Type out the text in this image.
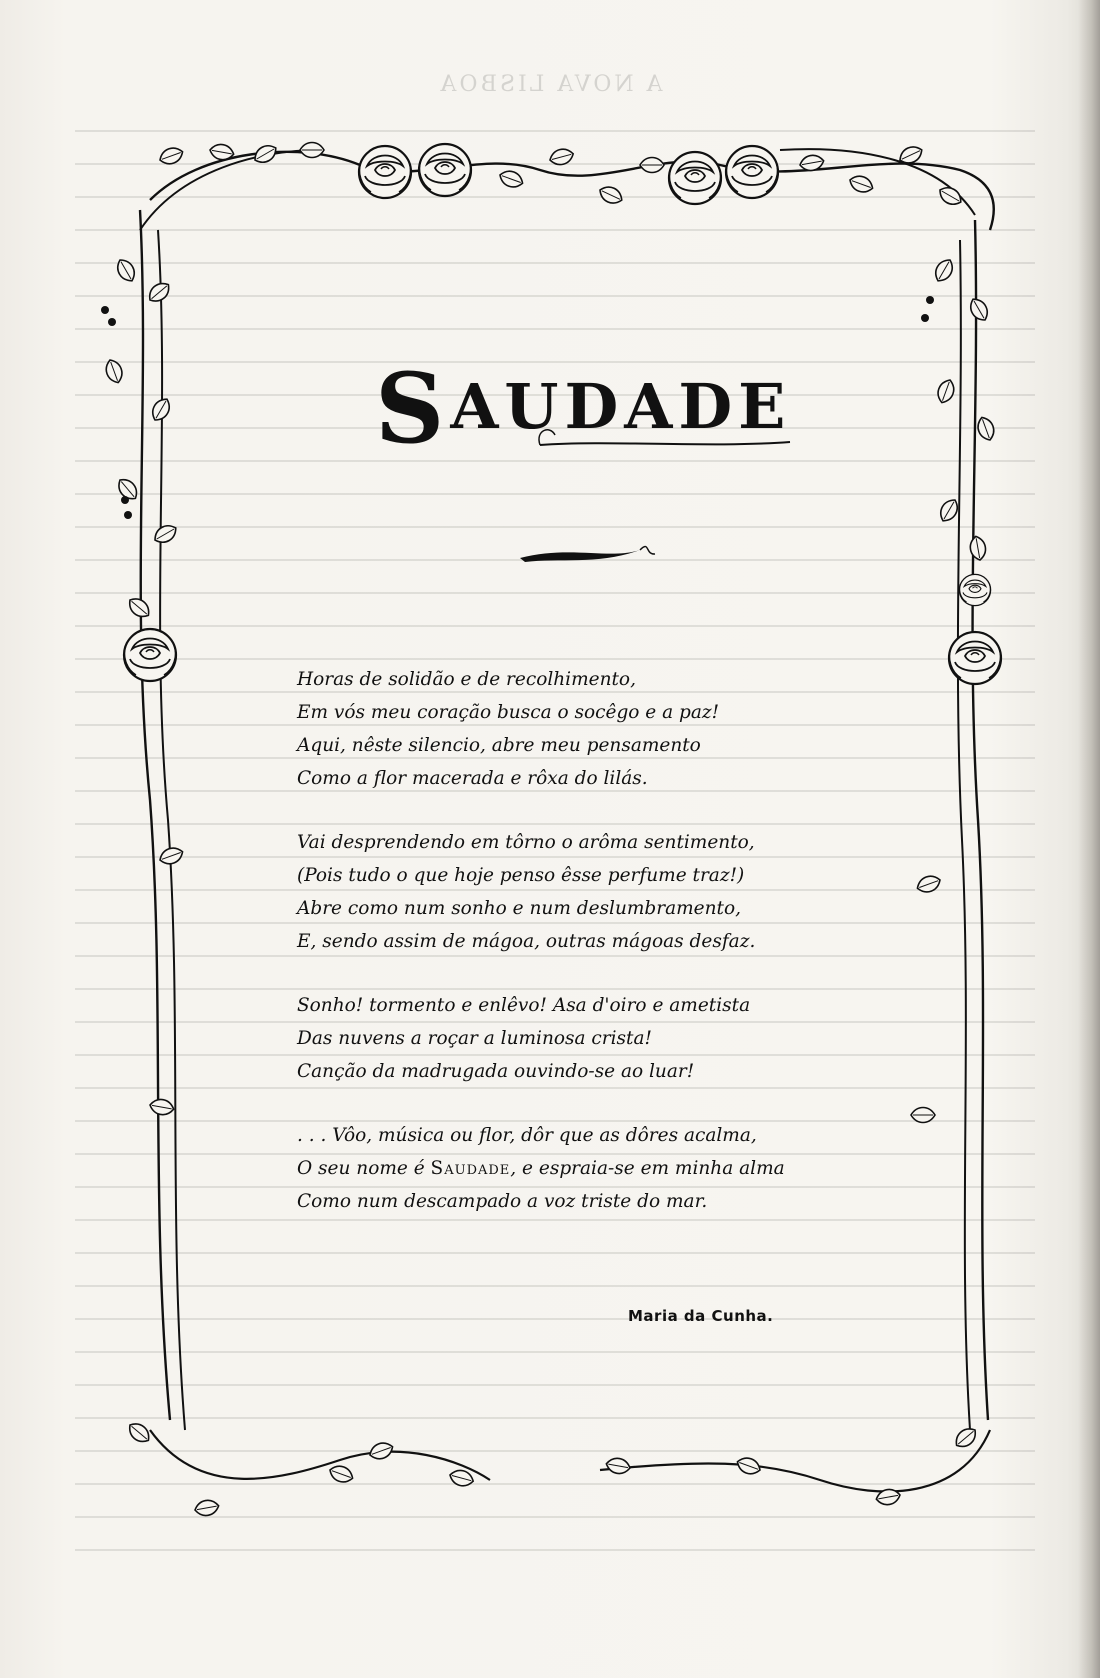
A NOVA LISBOA
SAUDADE
Horas de solidão e de recolhimento,
Em vós meu coração busca o socêgo e a paz!
Aqui, nêste silencio, abre meu pensamento
Como a flor macerada e rôxa do lilás.
Vai desprendendo em tôrno o arôma sentimento,
(Pois tudo o que hoje penso êsse perfume traz!)
Abre como num sonho e num deslumbramento,
E, sendo assim de mágoa, outras mágoas desfaz.
Sonho! tormento e enlêvo! Asa d'oiro e ametista
Das nuvens a roçar a luminosa crista!
Canção da madrugada ouvindo-se ao luar!
. . . Vôo, música ou flor, dôr que as dôres acalma,
O seu nome é Saudade, e espraia-se em minha alma
Como num descampado a voz triste do mar.
Maria da Cunha.
